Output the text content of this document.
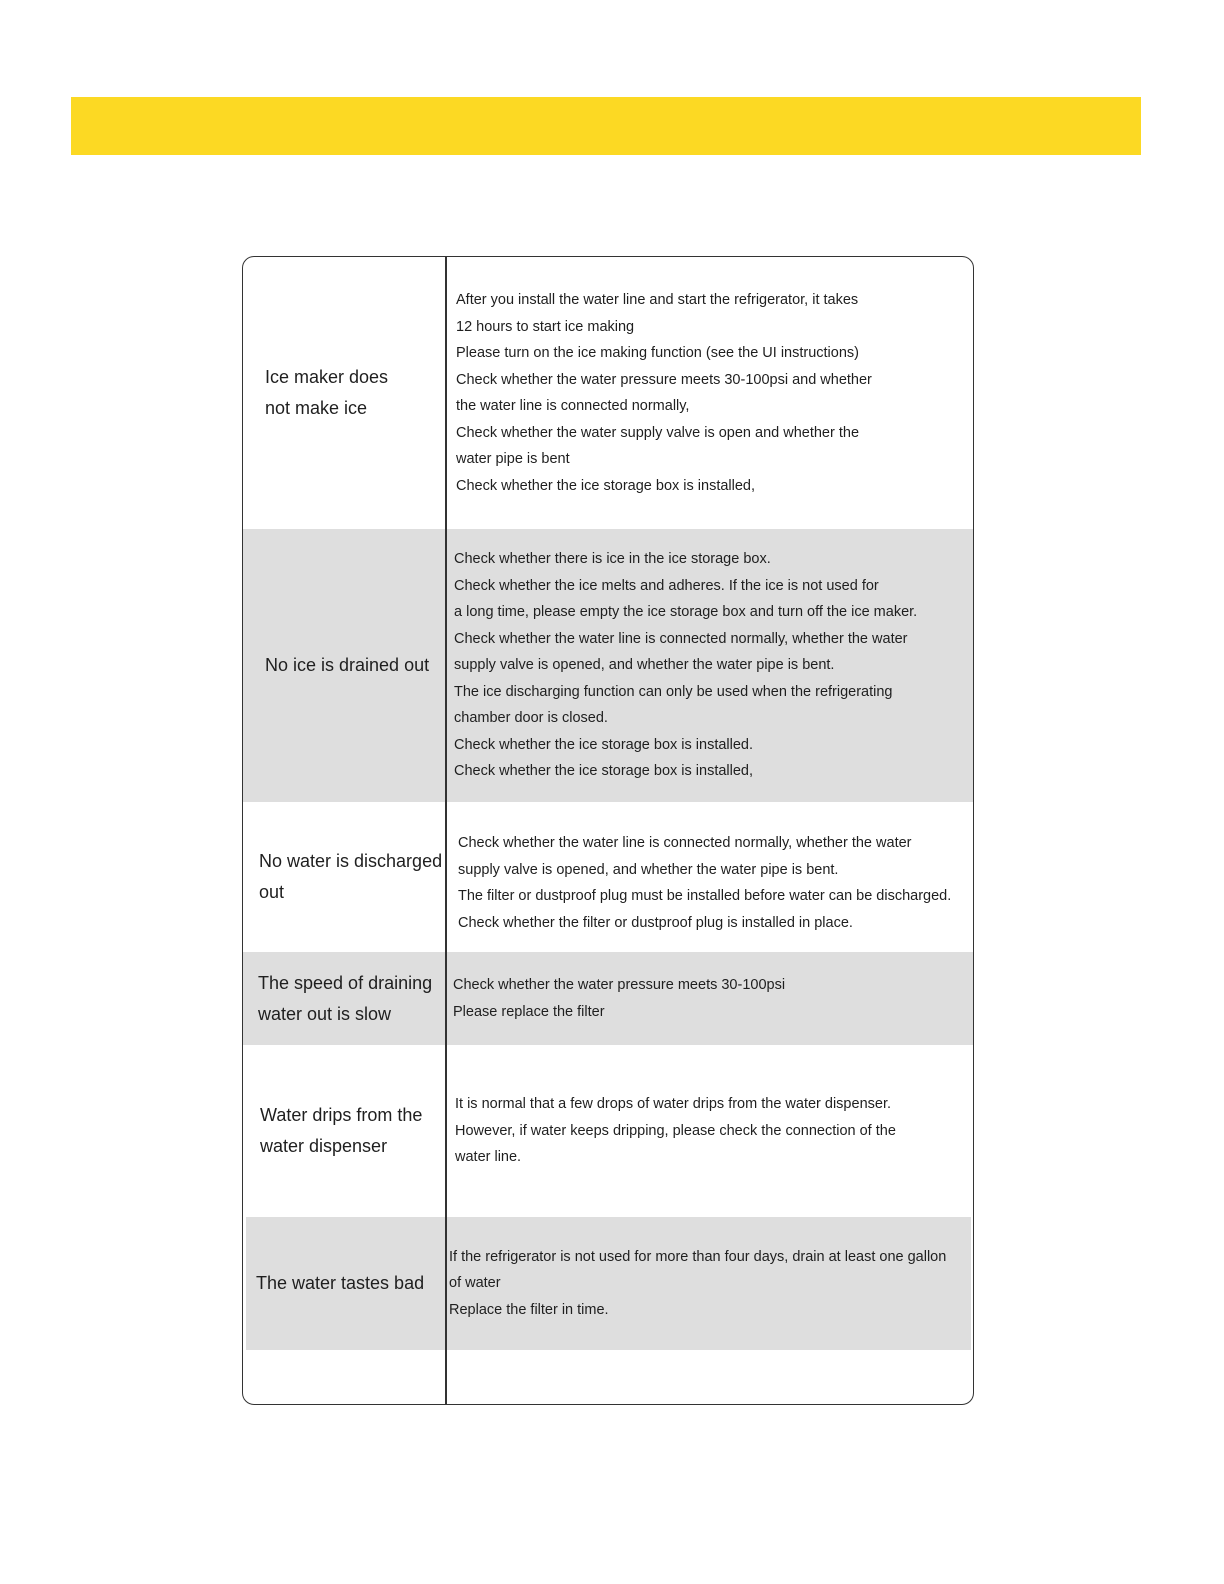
Ice maker does not make ice
After you install the water line and start the refrigerator, it takes
12 hours to start ice making
Please turn on the ice making function (see the UI instructions)
Check whether the water pressure meets 30-100psi and whether
the water line is connected normally,
Check whether the water supply valve is open and whether the
water pipe is bent
Check whether the ice storage box is installed,
No ice is drained out
Check whether there is ice in the ice storage box.
Check whether the ice melts and adheres. If the ice is not used for
a long time, please empty the ice storage box and turn off the ice maker.
Check whether the water line is connected normally, whether the water
supply valve is opened, and whether the water pipe is bent.
The ice discharging function can only be used when the refrigerating
chamber door is closed.
Check whether the ice storage box is installed.
Check whether the ice storage box is installed,
No water is discharged out
Check whether the water line is connected normally, whether the water
supply valve is opened, and whether the water pipe is bent.
The filter or dustproof plug must be installed before water can be discharged.
Check whether the filter or dustproof plug is installed in place.
The speed of draining water out is slow
Check whether the water pressure meets 30-100psi
Please replace the filter
Water drips from the water dispenser
It is normal that a few drops of water drips from the water dispenser.
However, if water keeps dripping, please check the connection of the
water line.
The water tastes bad
If the refrigerator is not used for more than four days, drain at least one gallon
of water
Replace the filter in time.
